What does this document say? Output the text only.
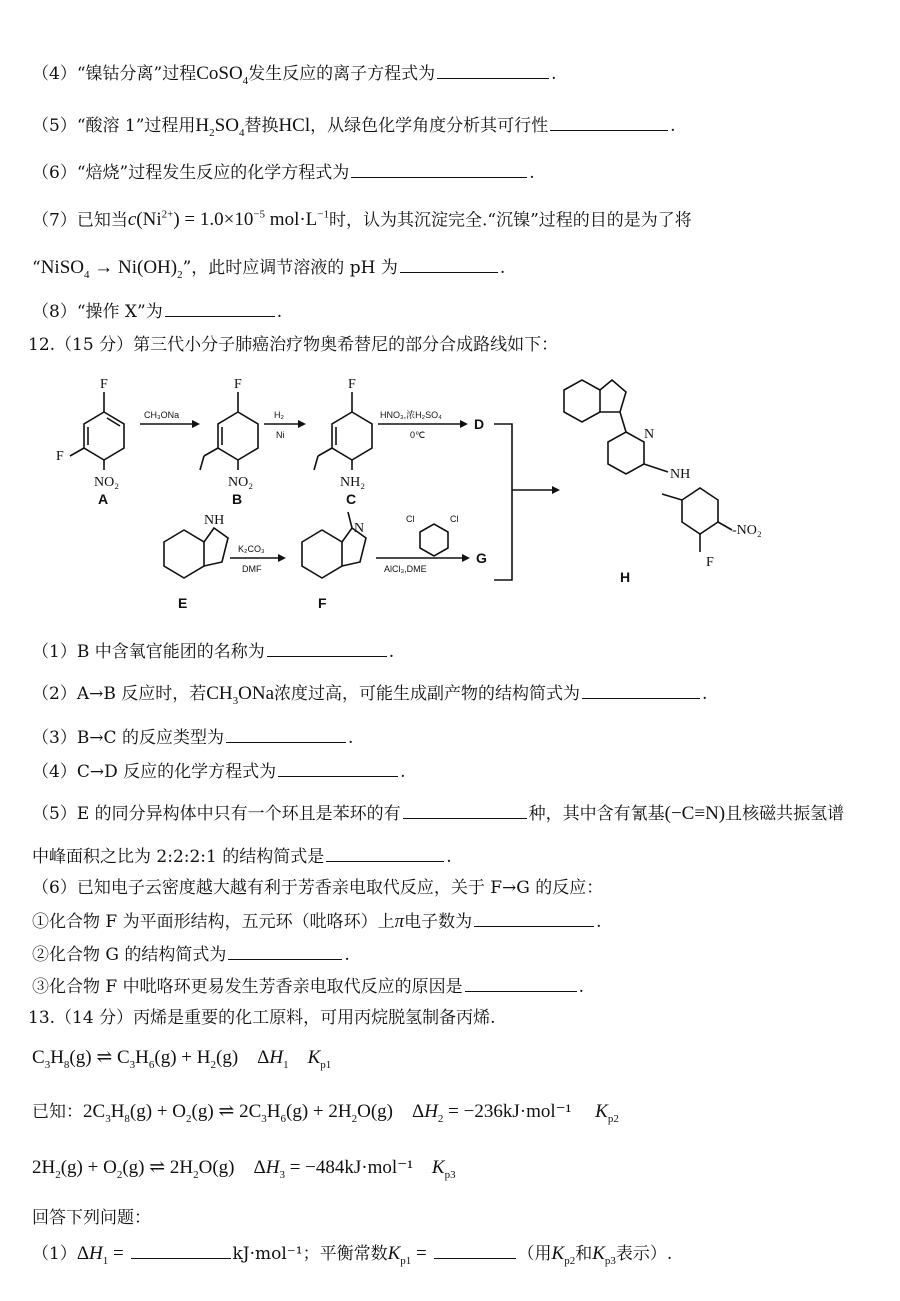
（4）“镍钴分离”过程CoSO$_4$发生反应的离子方程式为	.
（5）“酸溶 1”过程用$H_2SO_4$替换HCl，从绿色化学角度分析其可行性	.
（6）“焙烧”过程发生反应的化学方程式为	.
（7）已知当$c(Ni^{2+}) = 1.0\times 10^{-5}$ $mol\cdot L^{-1}$时，认为其沉淀完全.“沉镍”过程的目的是为了将
“NiSO$_4$ → $Ni(OH)_2$”，此时应调节溶液的 pH 为	.
（8）“操作 X”为	.
12.（15 分）第三代小分子肺癌治疗物奥希替尼的部分合成路线如下：
F
F
NO₂
A
F
NO₂
B
F
NH₂
C
CH₃ONa	H₂
Ni
HNO₃,浓H₂SO₄
0℃
D
NH
E
K₂CO₃
DMF
N
F
Cl	Cl
AlCl₃,DME
G
N
NH
-NO₂
F
H
（1）B 中含氧官能团的名称为	.
（2）A→B 反应时，若$CH_3ONa$浓度过高，可能生成副产物的结构简式为	.
（3）B→C 的反应类型为	.
（4）C→D 反应的化学方程式为	.
（5）E 的同分异构体中只有一个环且是苯环的有	种，其中含有氰基(−C≡N)且核磁共振氢谱
中峰面积之比为 2:2:2:1 的结构简式是	.
（6）已知电子云密度越大越有利于芳香亲电取代反应，关于 F→G 的反应：
①化合物 F 为平面形结构，五元环（吡咯环）上π电子数为	.
②化合物 G 的结构简式为	.
③化合物 F 中吡咯环更易发生芳香亲电取代反应的原因是	.
13.（14 分）丙烯是重要的化工原料，可用丙烷脱氢制备丙烯.
$C_3H_8(g)$ ⇌ $C_3H_6(g) + H_2(g)$    $\Delta H_1$ $K_{p1}$
已知：$2C_3H_8(g) + O_2(g)$ ⇌ $2C_3H_6(g) + 2H_2O(g)$    $\Delta H_2 = -236kJ\cdot mol^{-1}$ $K_{p2}$
$2H_2(g) + O_2(g)$ ⇌ $2H_2O(g)$    $\Delta H_3 = -484kJ\cdot mol^{-1}$ $K_{p3}$
回答下列问题：
$(1)\Delta H_1$ =	kJ·mol⁻¹；平衡常数$K_{p1}$ =	（用$K_{p2}$和$K_{p3}$表示）.
